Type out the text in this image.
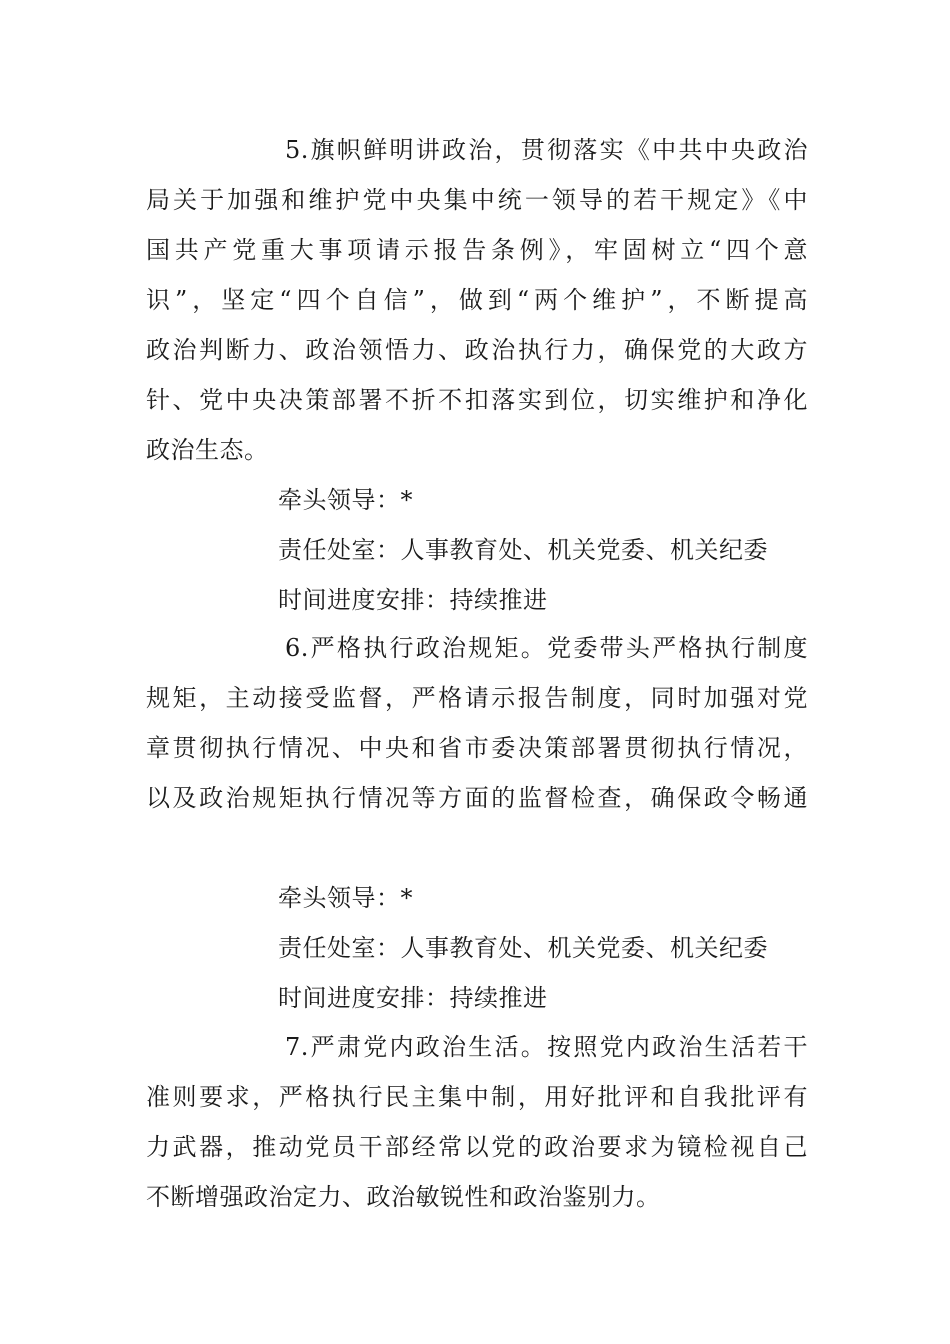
5.旗帜鲜明讲政治，贯彻落实《中共中央政治
局关于加强和维护党中央集中统一领导的若干规定》《中
国共产党重大事项请示报告条例》，牢固树立“四个意
识”，坚定“四个自信”，做到“两个维护”，不断提高
政治判断力、政治领悟力、政治执行力，确保党的大政方
针、党中央决策部署不折不扣落实到位，切实维护和净化
政治生态。
牵头领导：*
责任处室：人事教育处、机关党委、机关纪委
时间进度安排：持续推进
6.严格执行政治规矩。党委带头严格执行制度
规矩，主动接受监督，严格请示报告制度，同时加强对党
章贯彻执行情况、中央和省市委决策部署贯彻执行情况，
以及政治规矩执行情况等方面的监督检查，确保政令畅通
牵头领导：*
责任处室：人事教育处、机关党委、机关纪委
时间进度安排：持续推进
7.严肃党内政治生活。按照党内政治生活若干
准则要求，严格执行民主集中制，用好批评和自我批评有
力武器，推动党员干部经常以党的政治要求为镜检视自己
不断增强政治定力、政治敏锐性和政治鉴别力。
